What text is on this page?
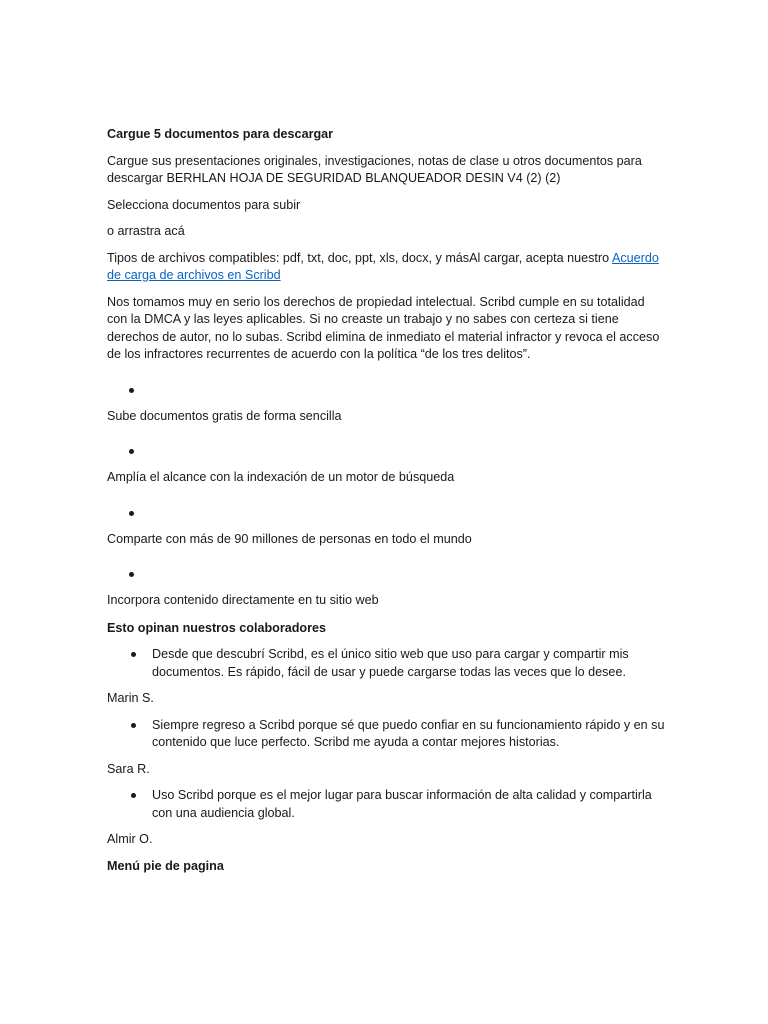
Cargue 5 documentos para descargar

Cargue sus presentaciones originales, investigaciones, notas de clase u otros documentos para descargar BERHLAN HOJA DE SEGURIDAD BLANQUEADOR DESIN V4 (2) (2)

Selecciona documentos para subir

o arrastra acá

Tipos de archivos compatibles: pdf, txt, doc, ppt, xls, docx, y másAl cargar, acepta nuestro Acuerdo de carga de archivos en Scribd

Nos tomamos muy en serio los derechos de propiedad intelectual. Scribd cumple en su totalidad con la DMCA y las leyes aplicables. Si no creaste un trabajo y no sabes con certeza si tiene derechos de autor, no lo subas. Scribd elimina de inmediato el material infractor y revoca el acceso de los infractores recurrentes de acuerdo con la política “de los tres delitos”.

Sube documentos gratis de forma sencilla

Amplía el alcance con la indexación de un motor de búsqueda

Comparte con más de 90 millones de personas en todo el mundo

Incorpora contenido directamente en tu sitio web

Esto opinan nuestros colaboradores

Desde que descubrí Scribd, es el único sitio web que uso para cargar y compartir mis documentos. Es rápido, fácil de usar y puede cargarse todas las veces que lo desee.

Marin S.

Siempre regreso a Scribd porque sé que puedo confiar en su funcionamiento rápido y en su contenido que luce perfecto. Scribd me ayuda a contar mejores historias.

Sara R.

Uso Scribd porque es el mejor lugar para buscar información de alta calidad y compartirla con una audiencia global.

Almir O.

Menú pie de pagina
